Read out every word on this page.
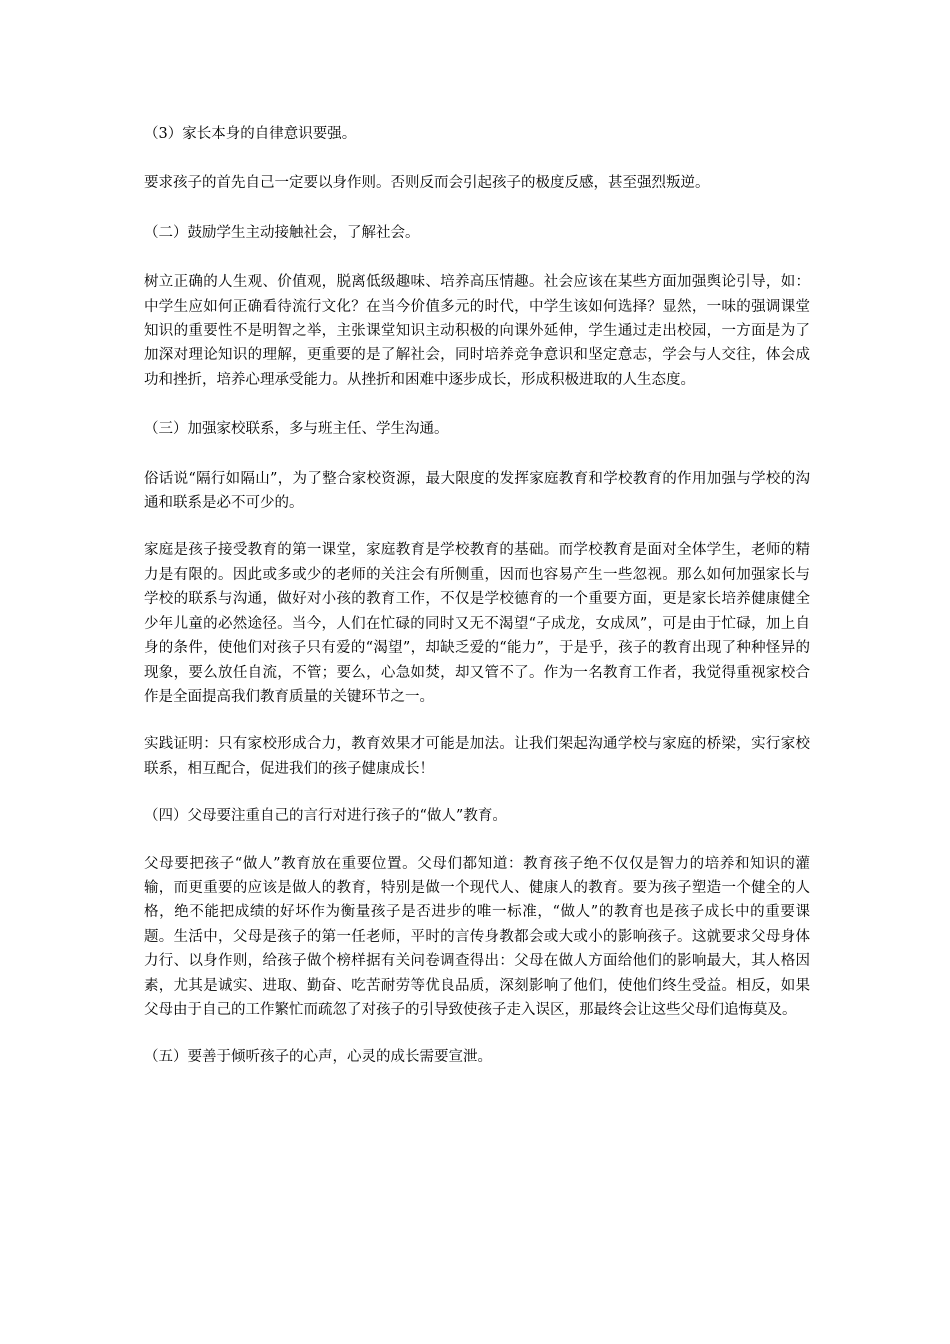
（3）家长本身的自律意识要强。

要求孩子的首先自己一定要以身作则。否则反而会引起孩子的极度反感，甚至强烈叛逆。

（二）鼓励学生主动接触社会，了解社会。

树立正确的人生观、价值观，脱离低级趣味、培养高压情趣。社会应该在某些方面加强舆论引导，如：中学生应如何正确看待流行文化？在当今价值多元的时代，中学生该如何选择？显然，一味的强调课堂知识的重要性不是明智之举，主张课堂知识主动积极的向课外延伸，学生通过走出校园，一方面是为了加深对理论知识的理解，更重要的是了解社会，同时培养竞争意识和坚定意志，学会与人交往，体会成功和挫折，培养心理承受能力。从挫折和困难中逐步成长，形成积极进取的人生态度。

（三）加强家校联系，多与班主任、学生沟通。

俗话说“隔行如隔山”，为了整合家校资源，最大限度的发挥家庭教育和学校教育的作用加强与学校的沟通和联系是必不可少的。

家庭是孩子接受教育的第一课堂，家庭教育是学校教育的基础。而学校教育是面对全体学生，老师的精力是有限的。因此或多或少的老师的关注会有所侧重，因而也容易产生一些忽视。那么如何加强家长与学校的联系与沟通，做好对小孩的教育工作，不仅是学校德育的一个重要方面，更是家长培养健康健全少年儿童的必然途径。当今，人们在忙碌的同时又无不渴望“子成龙，女成凤”，可是由于忙碌，加上自身的条件，使他们对孩子只有爱的“渴望”，却缺乏爱的“能力”，于是乎，孩子的教育出现了种种怪异的现象，要么放任自流，不管；要么，心急如焚，却又管不了。作为一名教育工作者，我觉得重视家校合作是全面提高我们教育质量的关键环节之一。

实践证明：只有家校形成合力，教育效果才可能是加法。让我们架起沟通学校与家庭的桥梁，实行家校联系，相互配合，促进我们的孩子健康成长！

（四）父母要注重自己的言行对进行孩子的“做人”教育。

父母要把孩子“做人”教育放在重要位置。父母们都知道：教育孩子绝不仅仅是智力的培养和知识的灌输，而更重要的应该是做人的教育，特别是做一个现代人、健康人的教育。要为孩子塑造一个健全的人格，绝不能把成绩的好坏作为衡量孩子是否进步的唯一标准，“做人”的教育也是孩子成长中的重要课题。生活中，父母是孩子的第一任老师，平时的言传身教都会或大或小的影响孩子。这就要求父母身体力行、以身作则，给孩子做个榜样据有关问卷调查得出：父母在做人方面给他们的影响最大，其人格因素，尤其是诚实、进取、勤奋、吃苦耐劳等优良品质，深刻影响了他们，使他们终生受益。相反，如果父母由于自己的工作繁忙而疏忽了对孩子的引导致使孩子走入误区，那最终会让这些父母们追悔莫及。

（五）要善于倾听孩子的心声，心灵的成长需要宣泄。
